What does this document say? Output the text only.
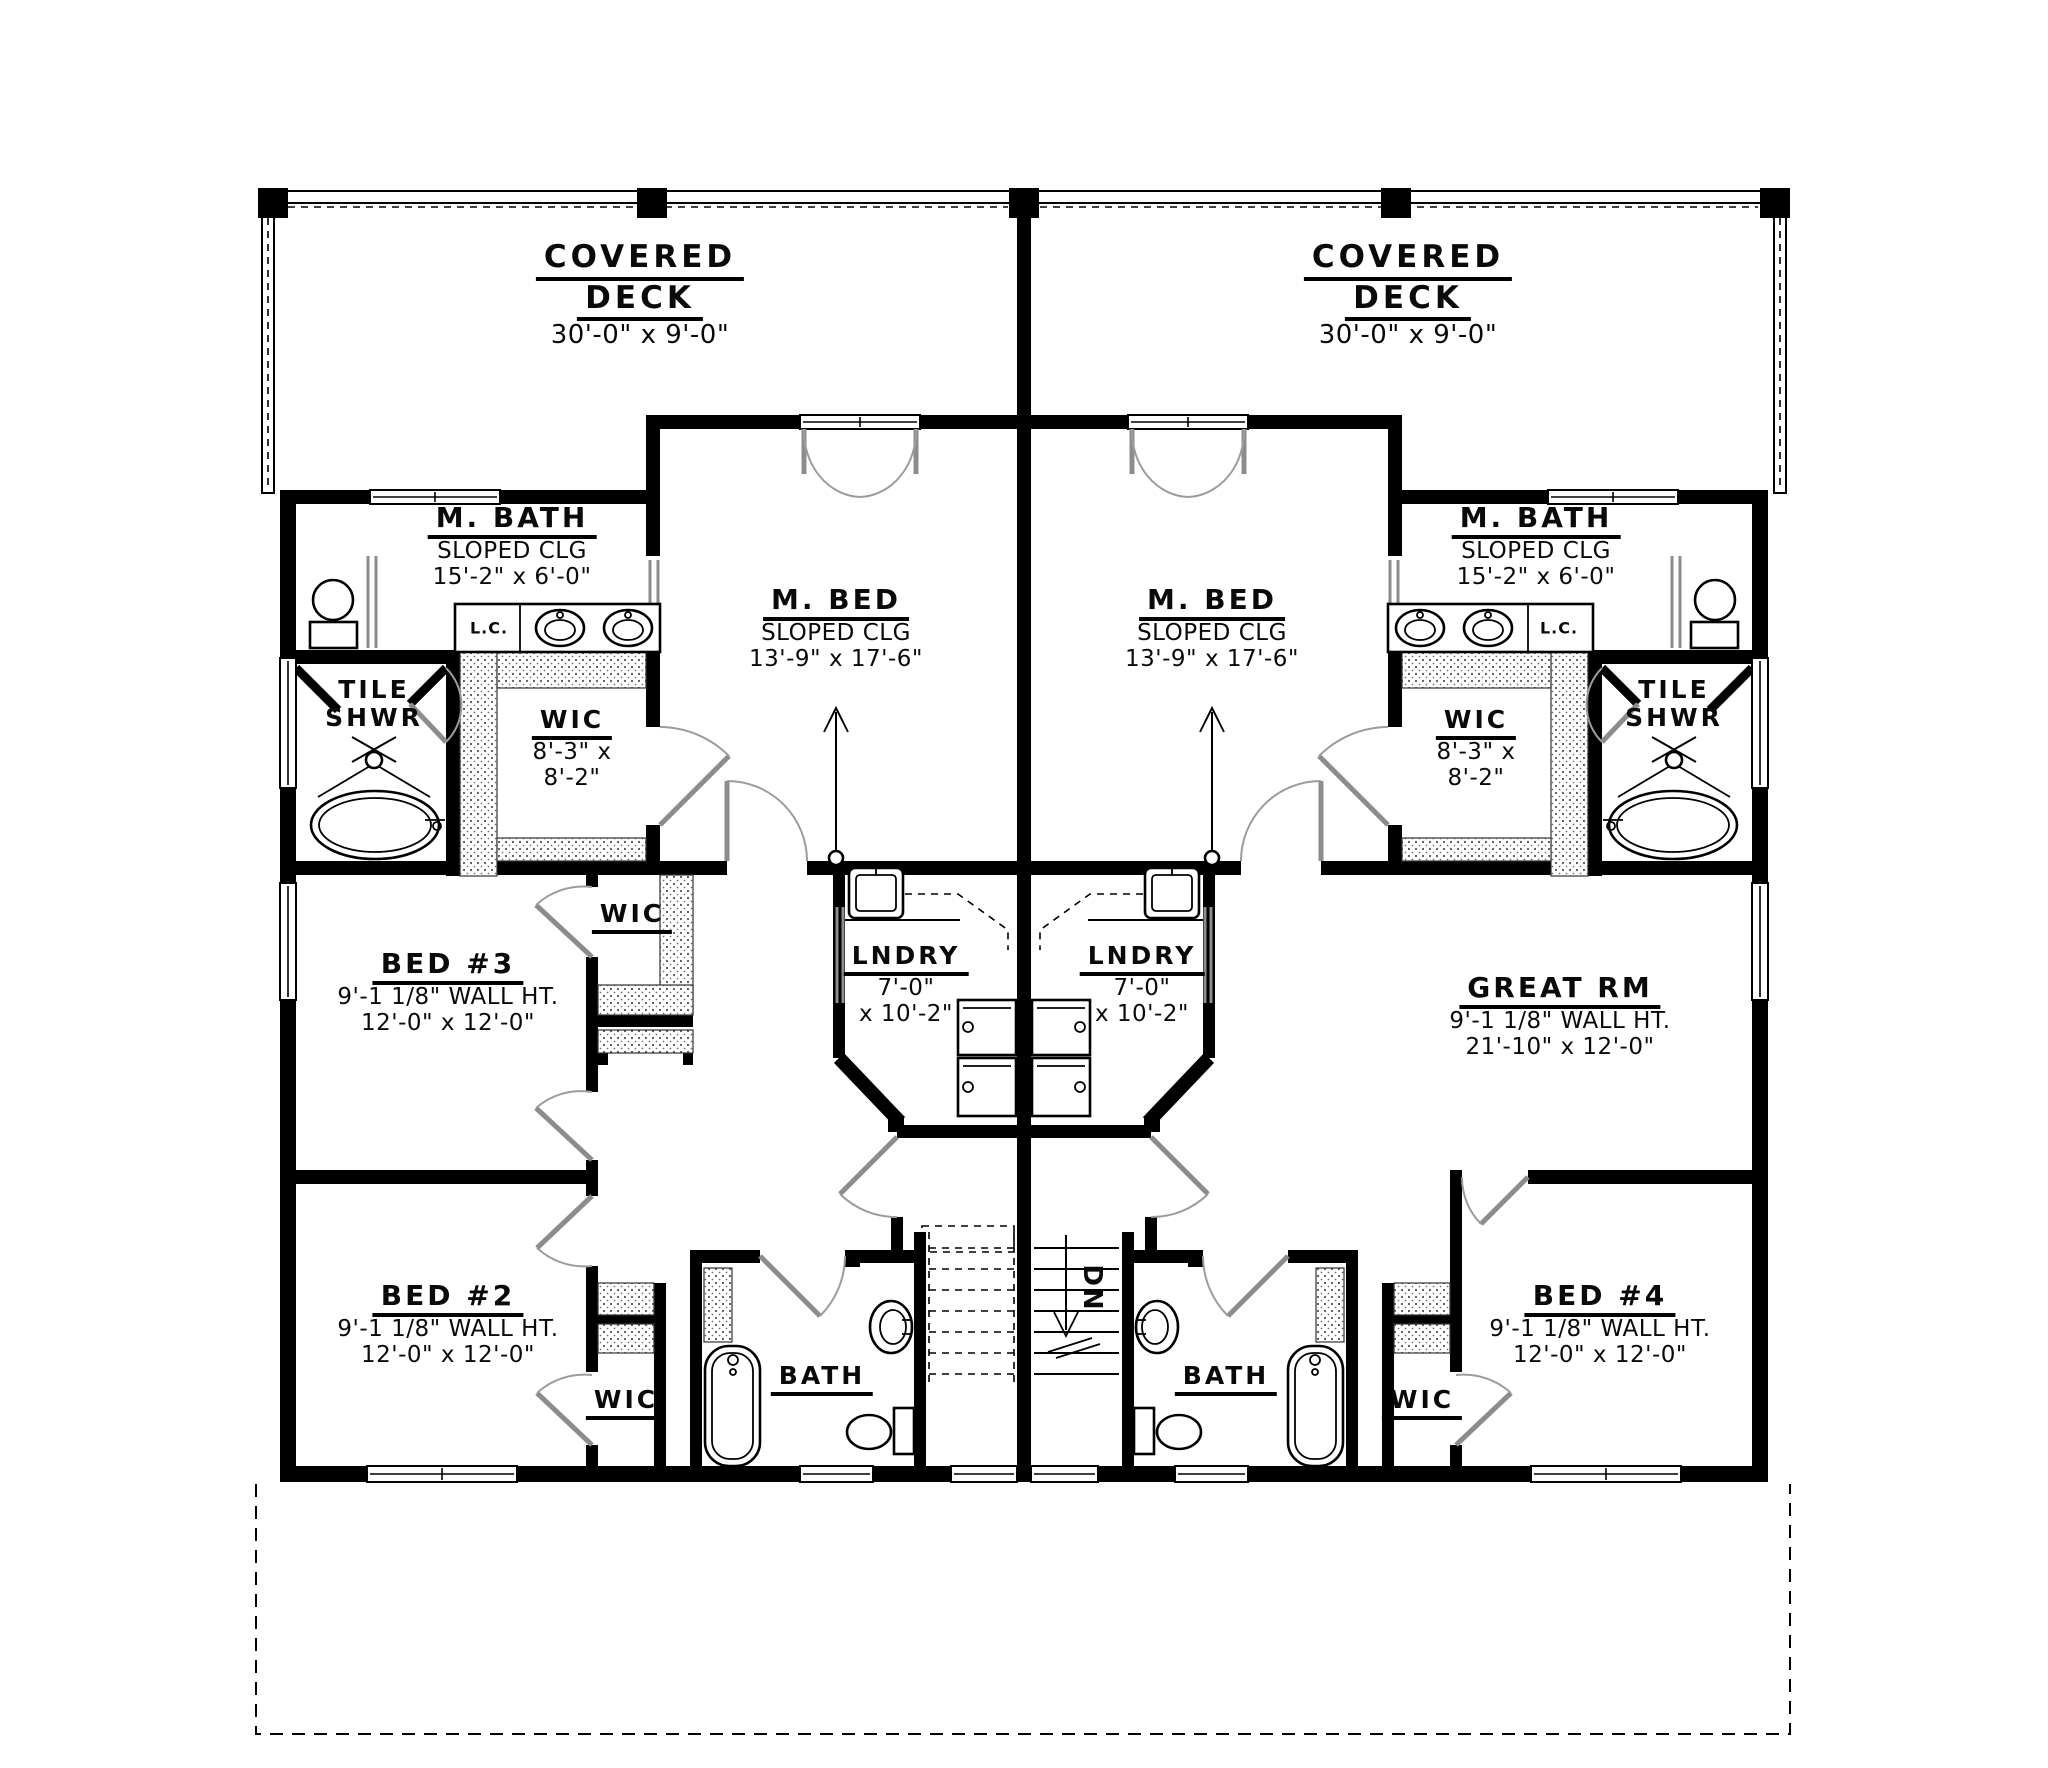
COVERED
DECK
30'-0" x 9'-0"
COVERED
DECK
30'-0" x 9'-0"
M. BATH
SLOPED CLG
15'-2" x 6'-0"
M. BATH
SLOPED CLG
15'-2" x 6'-0"
TILE
SHWR
TILE
SHWR
WIC
8'-3" x
8'-2"
WIC
8'-3" x
8'-2"
M. BED
SLOPED CLG
13'-9" x 17'-6"
M. BED
SLOPED CLG
13'-9" x 17'-6"
WIC
BED #3
9'-1 1/8" WALL HT.
12'-0" x 12'-0"
LNDRY
7'-0"
x 10'-2"
LNDRY
7'-0"
x 10'-2"
GREAT RM
9'-1 1/8" WALL HT.
21'-10" x 12'-0"
BED #2
9'-1 1/8" WALL HT.
12'-0" x 12'-0"
BED #4
9'-1 1/8" WALL HT.
12'-0" x 12'-0"
BATH	BATH
WIC	WIC
L.C.	L.C.
DN
